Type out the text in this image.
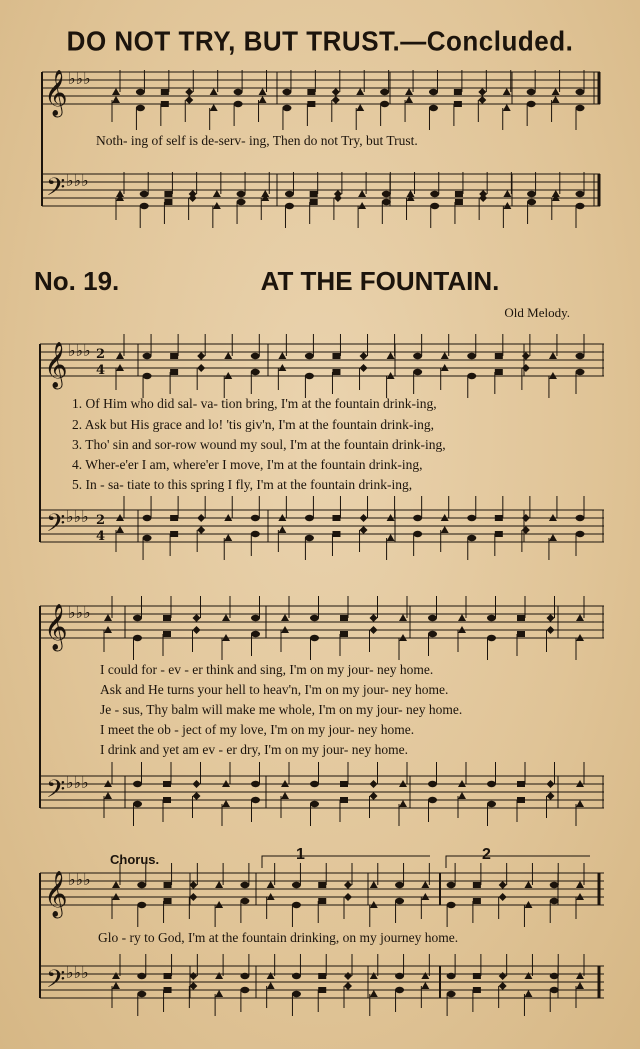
DO NOT TRY, BUT TRUST.—Concluded.
𝄞
𝄢
𝄞
𝄢
𝄞
𝄢
𝄞
𝄢
♭♭♭
♭♭♭
♭♭♭
♭♭♭
♭♭♭
♭♭♭
♭♭♭
♭♭♭
2
4
2
4
Noth- ing of self is de-serv- ing, Then do not Try, but Trust.
No. 19.	AT THE FOUNTAIN.
Old Melody.
1. Of Him who did sal- va- tion bring, I'm at the fountain drink-ing,
2. Ask but His grace and lo! 'tis giv'n, I'm at the fountain drink-ing,
3. Tho' sin and sor-row wound my soul, I'm at the fountain drink-ing,
4. Wher-e'er I am, where'er I move, I'm at the fountain drink-ing,
5. In - sa- tiate to this spring I fly, I'm at the fountain drink-ing,
I could for - ev - er think and sing, I'm on my jour- ney home.
Ask and He turns your hell to heav'n, I'm on my jour- ney home.
Je - sus, Thy balm will make me whole, I'm on my jour- ney home.
I meet the ob - ject of my love, I'm on my jour- ney home.
I drink and yet am ev - er dry, I'm on my jour- ney home.
Chorus.	1	2
Glo - ry to God, I'm at the fountain drinking, on my journey home.
